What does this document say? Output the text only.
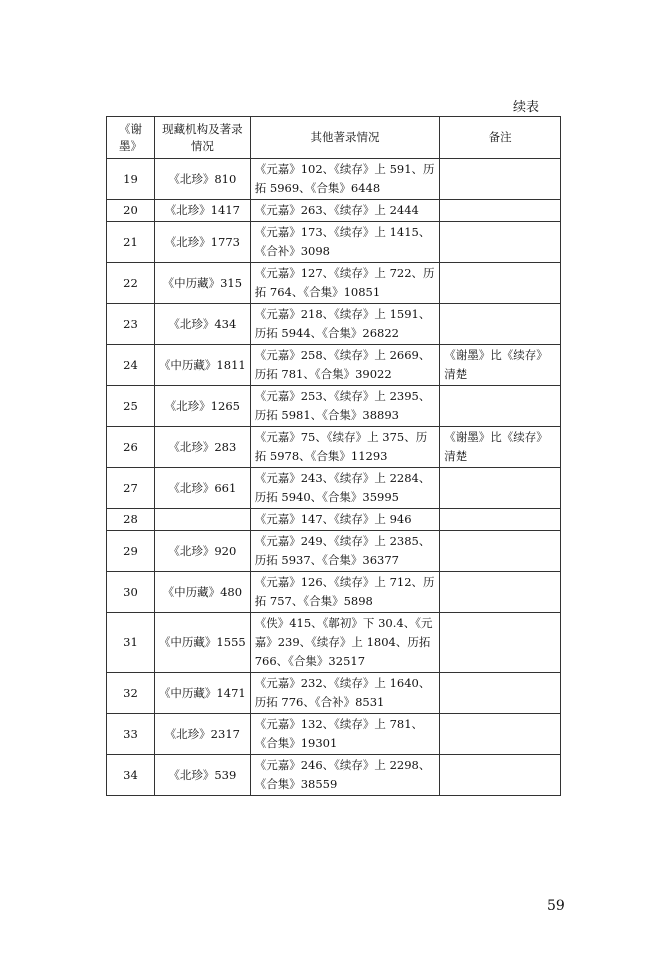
续表
《谢墨》	现藏机构及著录情况	其他著录情况	备注
19	《北珍》810	《元嘉》102、《续存》上 591、历拓 5969、《合集》6448	
20	《北珍》1417	《元嘉》263、《续存》上 2444	
21	《北珍》1773	《元嘉》173、《续存》上 1415、《合补》3098	
22	《中历藏》315	《元嘉》127、《续存》上 722、历拓 764、《合集》10851	
23	《北珍》434	《元嘉》218、《续存》上 1591、历拓 5944、《合集》26822	
24	《中历藏》1811	《元嘉》258、《续存》上 2669、历拓 781、《合集》39022	《谢墨》比《续存》清楚
25	《北珍》1265	《元嘉》253、《续存》上 2395、历拓 5981、《合集》38893	
26	《北珍》283	《元嘉》75、《续存》上 375、历拓 5978、《合集》11293	《谢墨》比《续存》清楚
27	《北珍》661	《元嘉》243、《续存》上 2284、历拓 5940、《合集》35995	
28		《元嘉》147、《续存》上 946	
29	《北珍》920	《元嘉》249、《续存》上 2385、历拓 5937、《合集》36377	
30	《中历藏》480	《元嘉》126、《续存》上 712、历拓 757、《合集》5898	
31	《中历藏》1555	《佚》415、《郼初》下 30.4、《元嘉》239、《续存》上 1804、历拓 766、《合集》32517	
32	《中历藏》1471	《元嘉》232、《续存》上 1640、历拓 776、《合补》8531	
33	《北珍》2317	《元嘉》132、《续存》上 781、《合集》19301	
34	《北珍》539	《元嘉》246、《续存》上 2298、《合集》38559	
59
